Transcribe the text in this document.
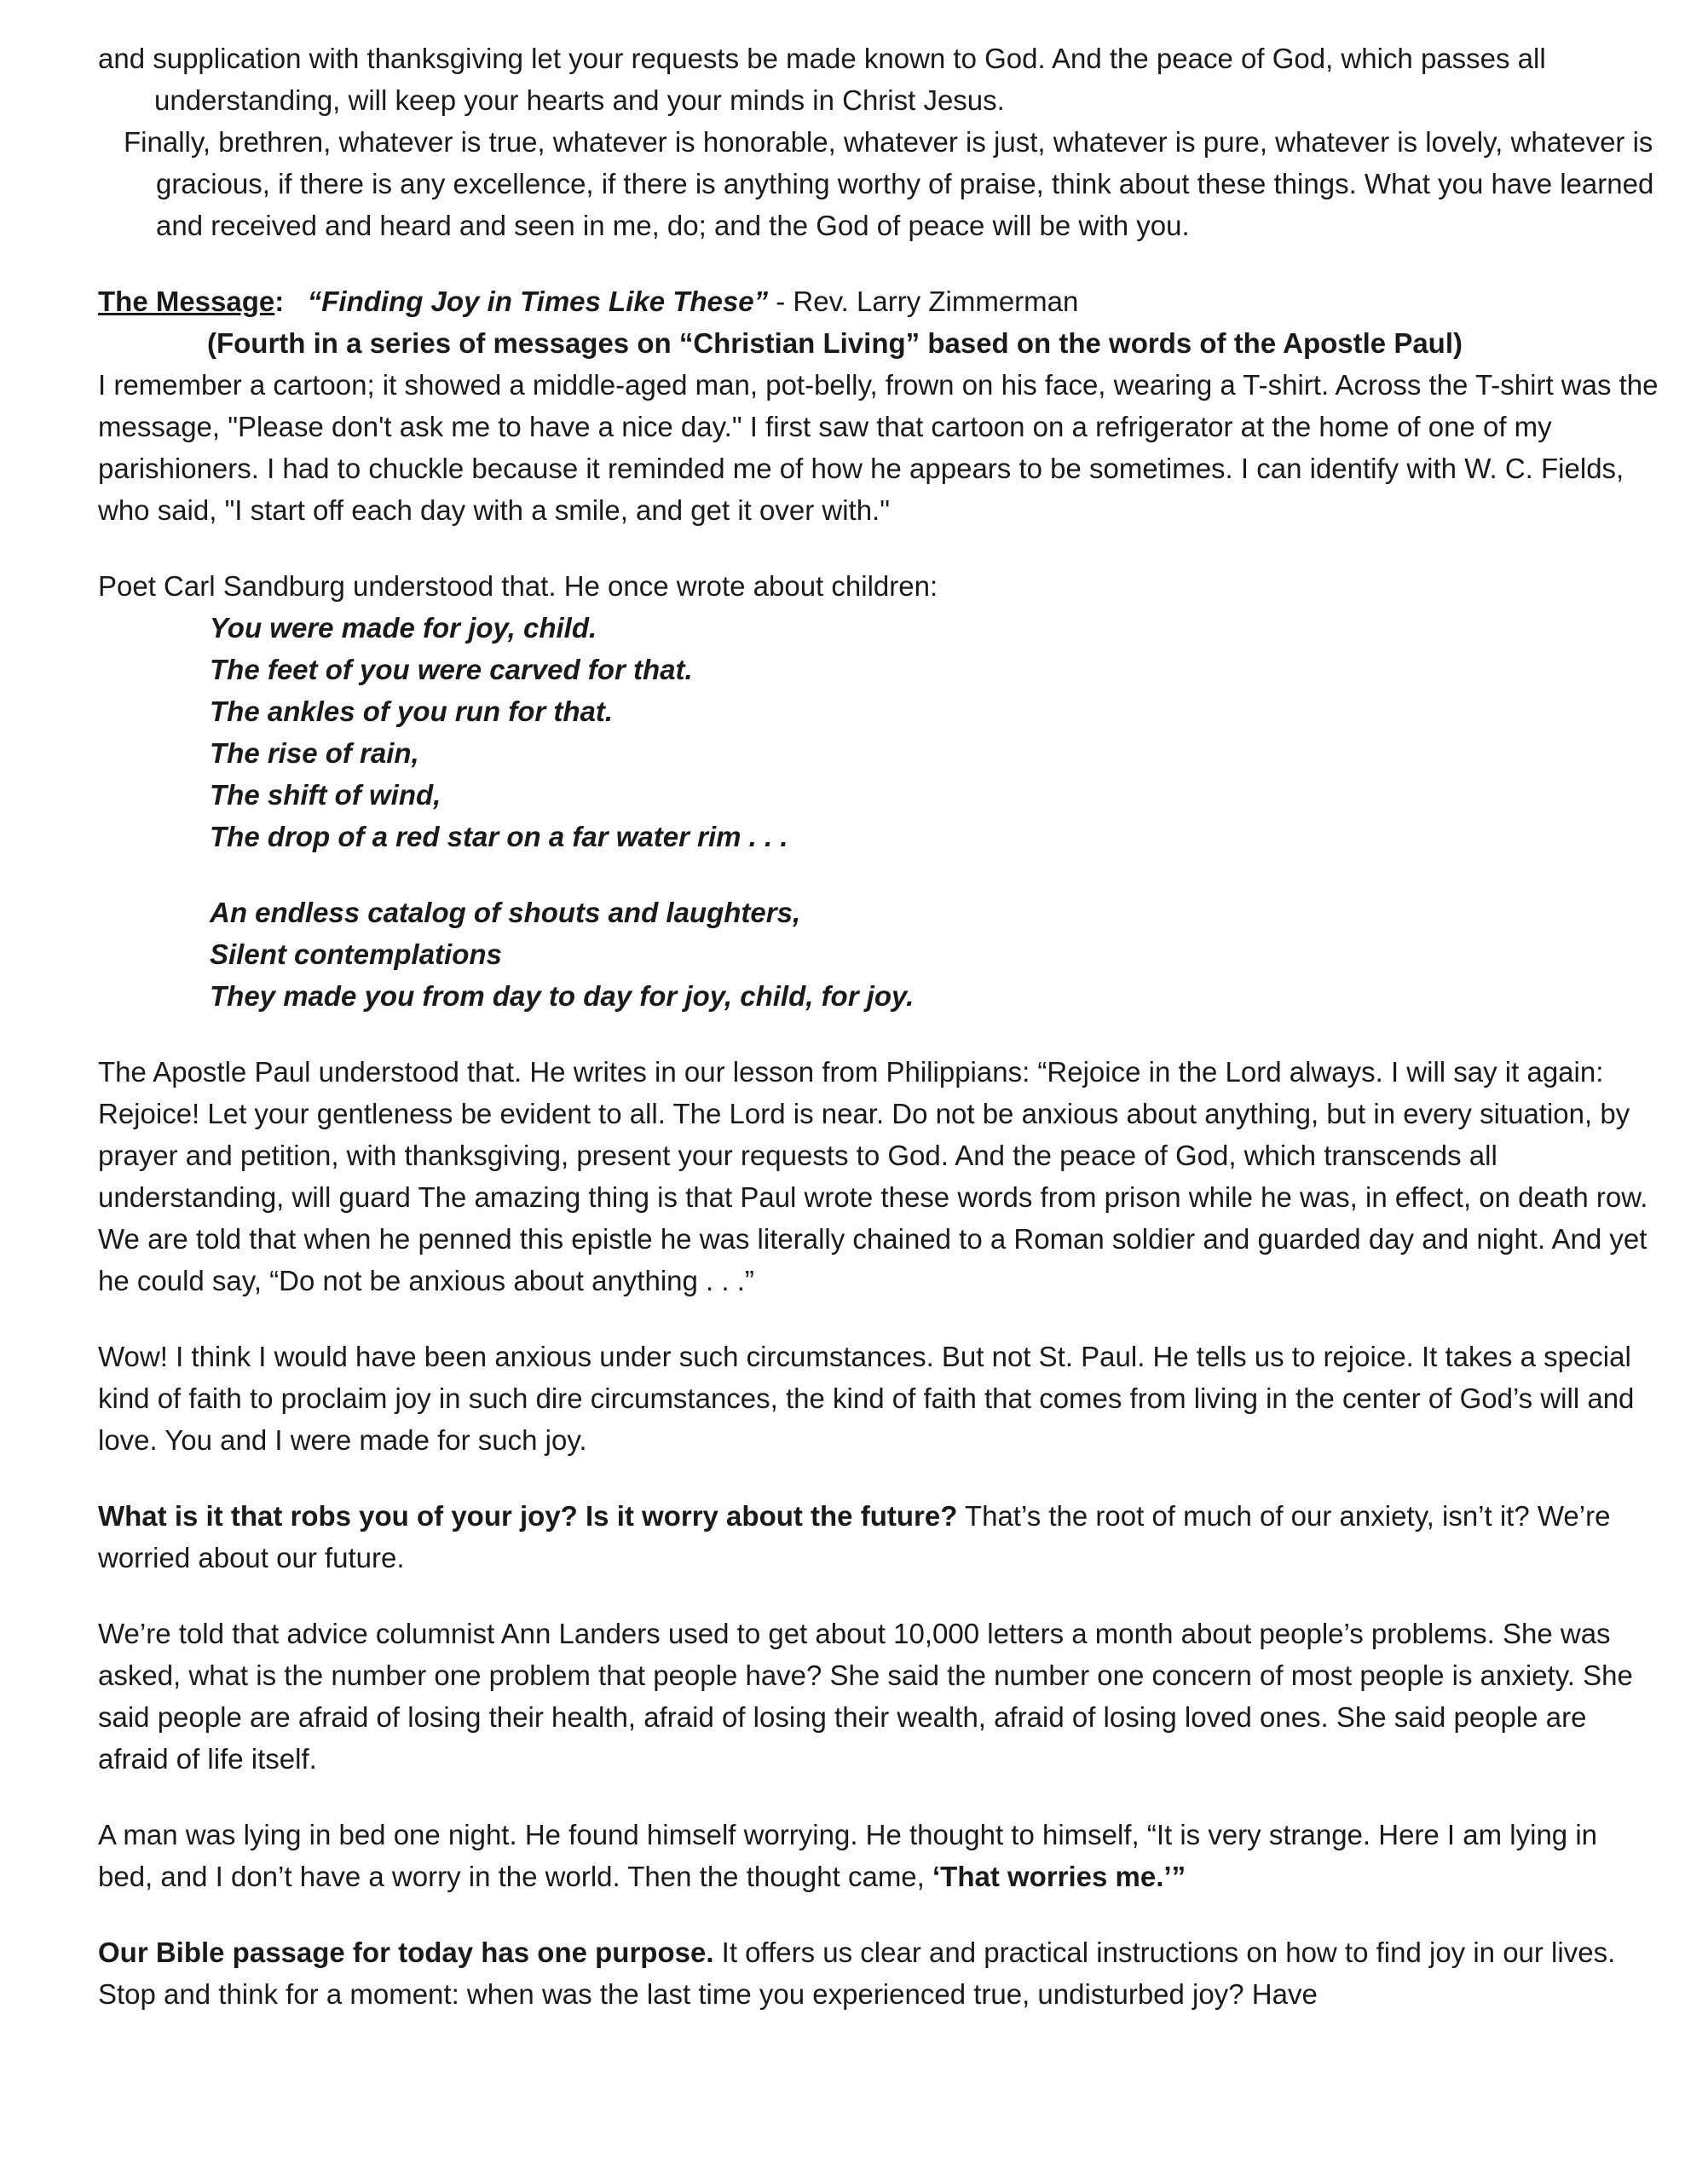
and supplication with thanksgiving let your requests be made known to God. And the peace of God, which passes all understanding, will keep your hearts and your minds in Christ Jesus.

Finally, brethren, whatever is true, whatever is honorable, whatever is just, whatever is pure, whatever is lovely, whatever is gracious, if there is any excellence, if there is anything worthy of praise, think about these things. What you have learned and received and heard and seen in me, do; and the God of peace will be with you.

The Message: “Finding Joy in Times Like These” - Rev. Larry Zimmerman

(Fourth in a series of messages on “Christian Living” based on the words of the Apostle Paul)

I remember a cartoon; it showed a middle-aged man, pot-belly, frown on his face, wearing a T-shirt. Across the T-shirt was the message, "Please don't ask me to have a nice day." I first saw that cartoon on a refrigerator at the home of one of my parishioners. I had to chuckle because it reminded me of how he appears to be sometimes. I can identify with W. C. Fields, who said, "I start off each day with a smile, and get it over with."

Poet Carl Sandburg understood that. He once wrote about children:

You were made for joy, child.
The feet of you were carved for that.
The ankles of you run for that.
The rise of rain,
The shift of wind,
The drop of a red star on a far water rim . . .
An endless catalog of shouts and laughters,
Silent contemplations
They made you from day to day for joy, child, for joy.

The Apostle Paul understood that. He writes in our lesson from Philippians: “Rejoice in the Lord always. I will say it again: Rejoice! Let your gentleness be evident to all. The Lord is near. Do not be anxious about anything, but in every situation, by prayer and petition, with thanksgiving, present your requests to God. And the peace of God, which transcends all understanding, will guard The amazing thing is that Paul wrote these words from prison while he was, in effect, on death row. We are told that when he penned this epistle he was literally chained to a Roman soldier and guarded day and night. And yet he could say, “Do not be anxious about anything . . .”

Wow! I think I would have been anxious under such circumstances. But not St. Paul. He tells us to rejoice. It takes a special kind of faith to proclaim joy in such dire circumstances, the kind of faith that comes from living in the center of God’s will and love. You and I were made for such joy.

What is it that robs you of your joy? Is it worry about the future? That’s the root of much of our anxiety, isn’t it? We’re worried about our future.

We’re told that advice columnist Ann Landers used to get about 10,000 letters a month about people’s problems. She was asked, what is the number one problem that people have? She said the number one concern of most people is anxiety. She said people are afraid of losing their health, afraid of losing their wealth, afraid of losing loved ones. She said people are afraid of life itself.

A man was lying in bed one night. He found himself worrying. He thought to himself, “It is very strange. Here I am lying in bed, and I don’t have a worry in the world. Then the thought came, ‘That worries me.’”

Our Bible passage for today has one purpose. It offers us clear and practical instructions on how to find joy in our lives. Stop and think for a moment: when was the last time you experienced true, undisturbed joy? Have
